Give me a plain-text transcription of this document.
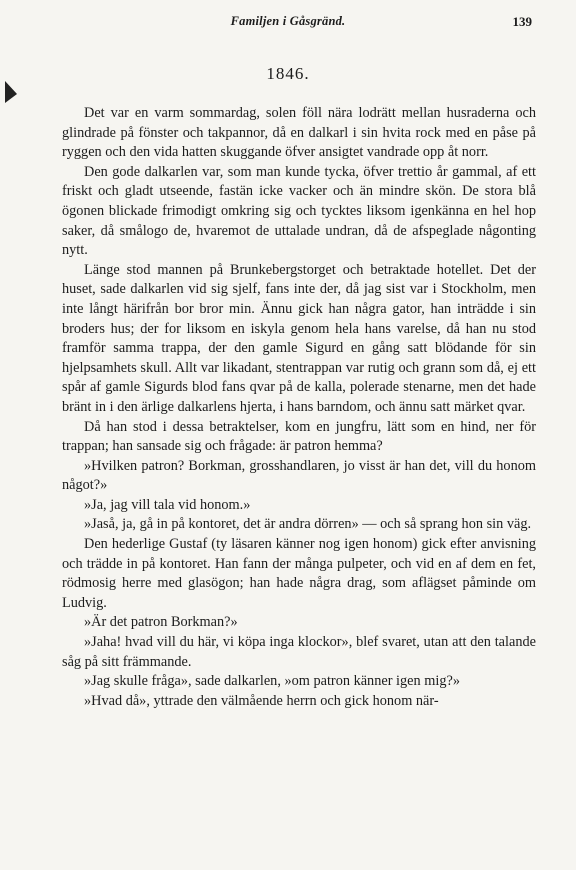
Familjen i Gåsgränd.	139
1846.

Det var en varm sommardag, solen föll nära lodrätt mellan husraderna och glindrade på fönster och takpannor, då en dalkarl i sin hvita rock med en påse på ryggen och den vida hatten skuggande öfver ansigtet vandrade opp åt norr.

Den gode dalkarlen var, som man kunde tycka, öfver trettio år gammal, af ett friskt och gladt utseende, fastän icke vacker och än mindre skön. De stora blå ögonen blickade frimodigt omkring sig och tycktes liksom igenkänna en hel hop saker, då smålogo de, hvaremot de uttalade undran, då de afspeglade någonting nytt.

Länge stod mannen på Brunkebergstorget och betraktade hotellet. Det der huset, sade dalkarlen vid sig sjelf, fans inte der, då jag sist var i Stockholm, men inte långt härifrån bor bror min. Ännu gick han några gator, han inträdde i sin broders hus; der for liksom en iskyla genom hela hans varelse, då han nu stod framför samma trappa, der den gamle Sigurd en gång satt blödande för sin hjelpsamhets skull. Allt var likadant, stentrappan var rutig och grann som då, ej ett spår af gamle Sigurds blod fans qvar på de kalla, polerade stenarne, men det hade bränt in i den ärlige dalkarlens hjerta, i hans barndom, och ännu satt märket qvar.

Då han stod i dessa betraktelser, kom en jungfru, lätt som en hind, ner för trappan; han sansade sig och frågade: är patron hemma?

»Hvilken patron? Borkman, grosshandlaren, jo visst är han det, vill du honom något?»

»Ja, jag vill tala vid honom.»

»Jaså, ja, gå in på kontoret, det är andra dörren» — och så sprang hon sin väg.

Den hederlige Gustaf (ty läsaren känner nog igen honom) gick efter anvisning och trädde in på kontoret. Han fann der många pulpeter, och vid en af dem en fet, rödmosig herre med glasögon; han hade några drag, som aflägset påminde om Ludvig.

»Är det patron Borkman?»

»Jaha! hvad vill du här, vi köpa inga klockor», blef svaret, utan att den talande såg på sitt främmande.

»Jag skulle fråga», sade dalkarlen, »om patron känner igen mig?»

»Hvad då», yttrade den välmående herrn och gick honom när-
